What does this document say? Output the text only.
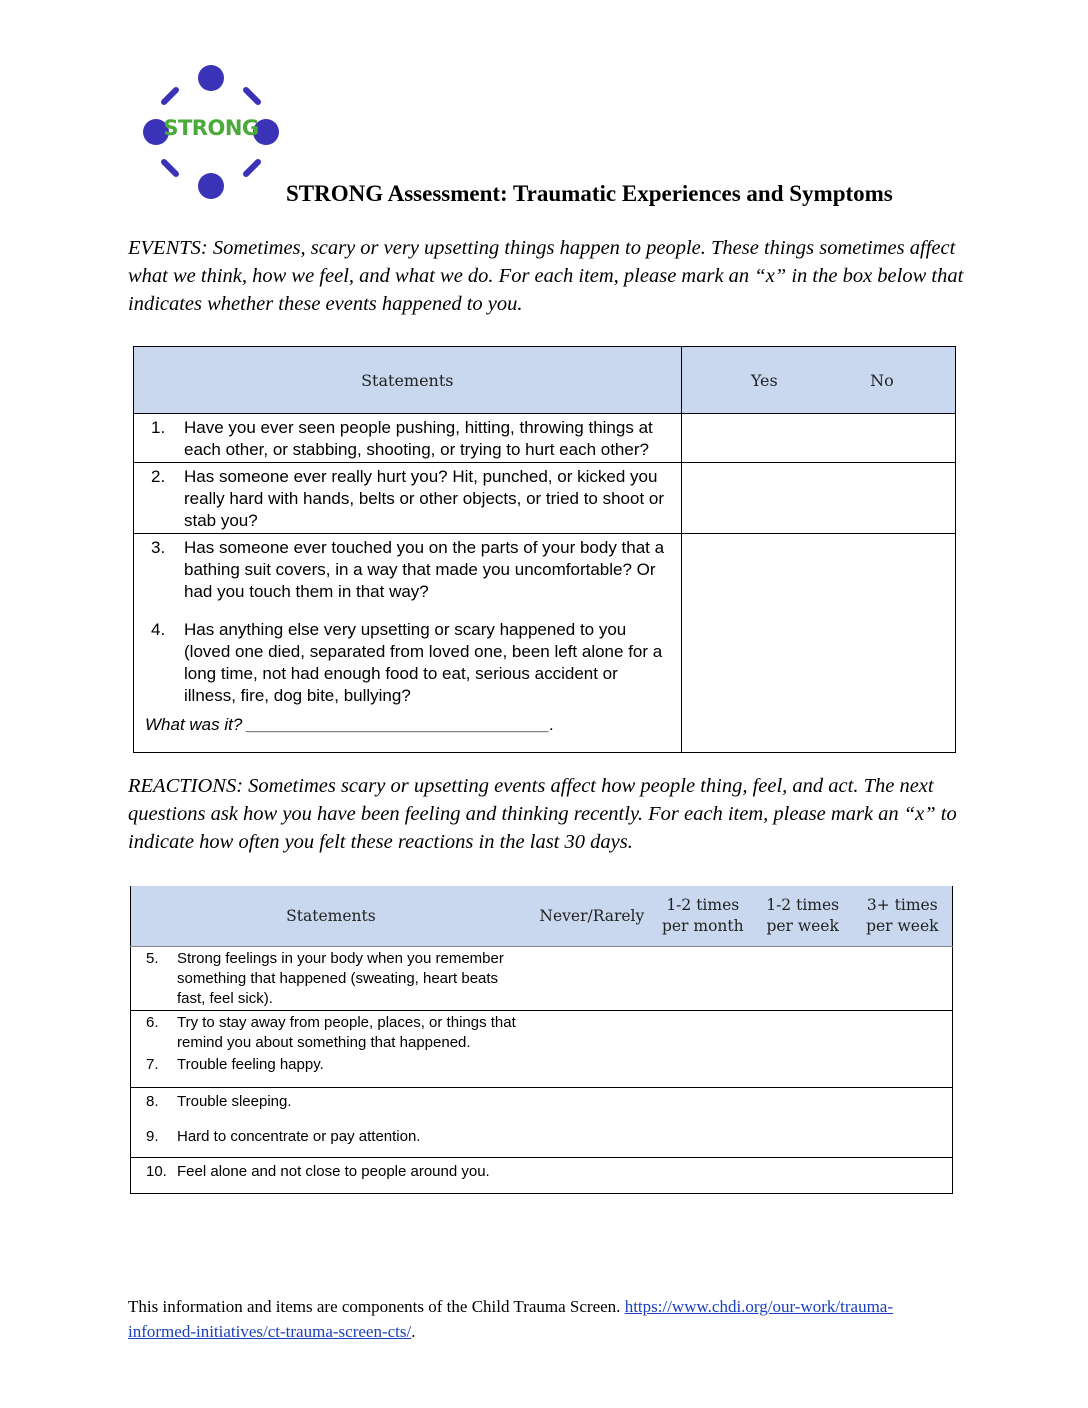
STRONG
STRONG Assessment: Traumatic Experiences and Symptoms
EVENTS: Sometimes, scary or very upsetting things happen to people. These things sometimes affect what we think, how we feel, and what we do. For each item, please mark an “x” in the box below that indicates whether these events happened to you.
Statements	Yes No

1. Have you ever seen people pushing, hitting, throwing things at each other, or stabbing, shooting, or trying to hurt each other?	

2. Has someone ever really hurt you? Hit, punched, or kicked you really hard with hands, belts or other objects, or tried to shoot or stab you?	

3. Has someone ever touched you on the parts of your body that a bathing suit covers, in a way that made you uncomfortable? Or had you touch them in that way?
4. Has anything else very upsetting or scary happened to you (loved one died, separated from loved one, been left alone for a long time, not had enough food to eat, serious accident or illness, fire, dog bite, bullying?
What was it? ________________________________.	

REACTIONS: Sometimes scary or upsetting events affect how people thing, feel, and act. The next questions ask how you have been feeling and thinking recently. For each item, please mark an “x” to indicate how often you felt these reactions in the last 30 days.
Statements	Never/Rarely	1-2 times per month	1-2 times per week	3+ times per week

5. Strong feelings in your body when you remember something that happened (sweating, heart beats fast, feel sick).				

6. Try to stay away from people, places, or things that remind you about something that happened.
7. Trouble feeling happy.				

8. Trouble sleeping.
9. Hard to concentrate or pay attention.				

10. Feel alone and not close to people around you.				

This information and items are components of the Child Trauma Screen. https://www.chdi.org/our-work/trauma-informed-initiatives/ct-trauma-screen-cts/.
